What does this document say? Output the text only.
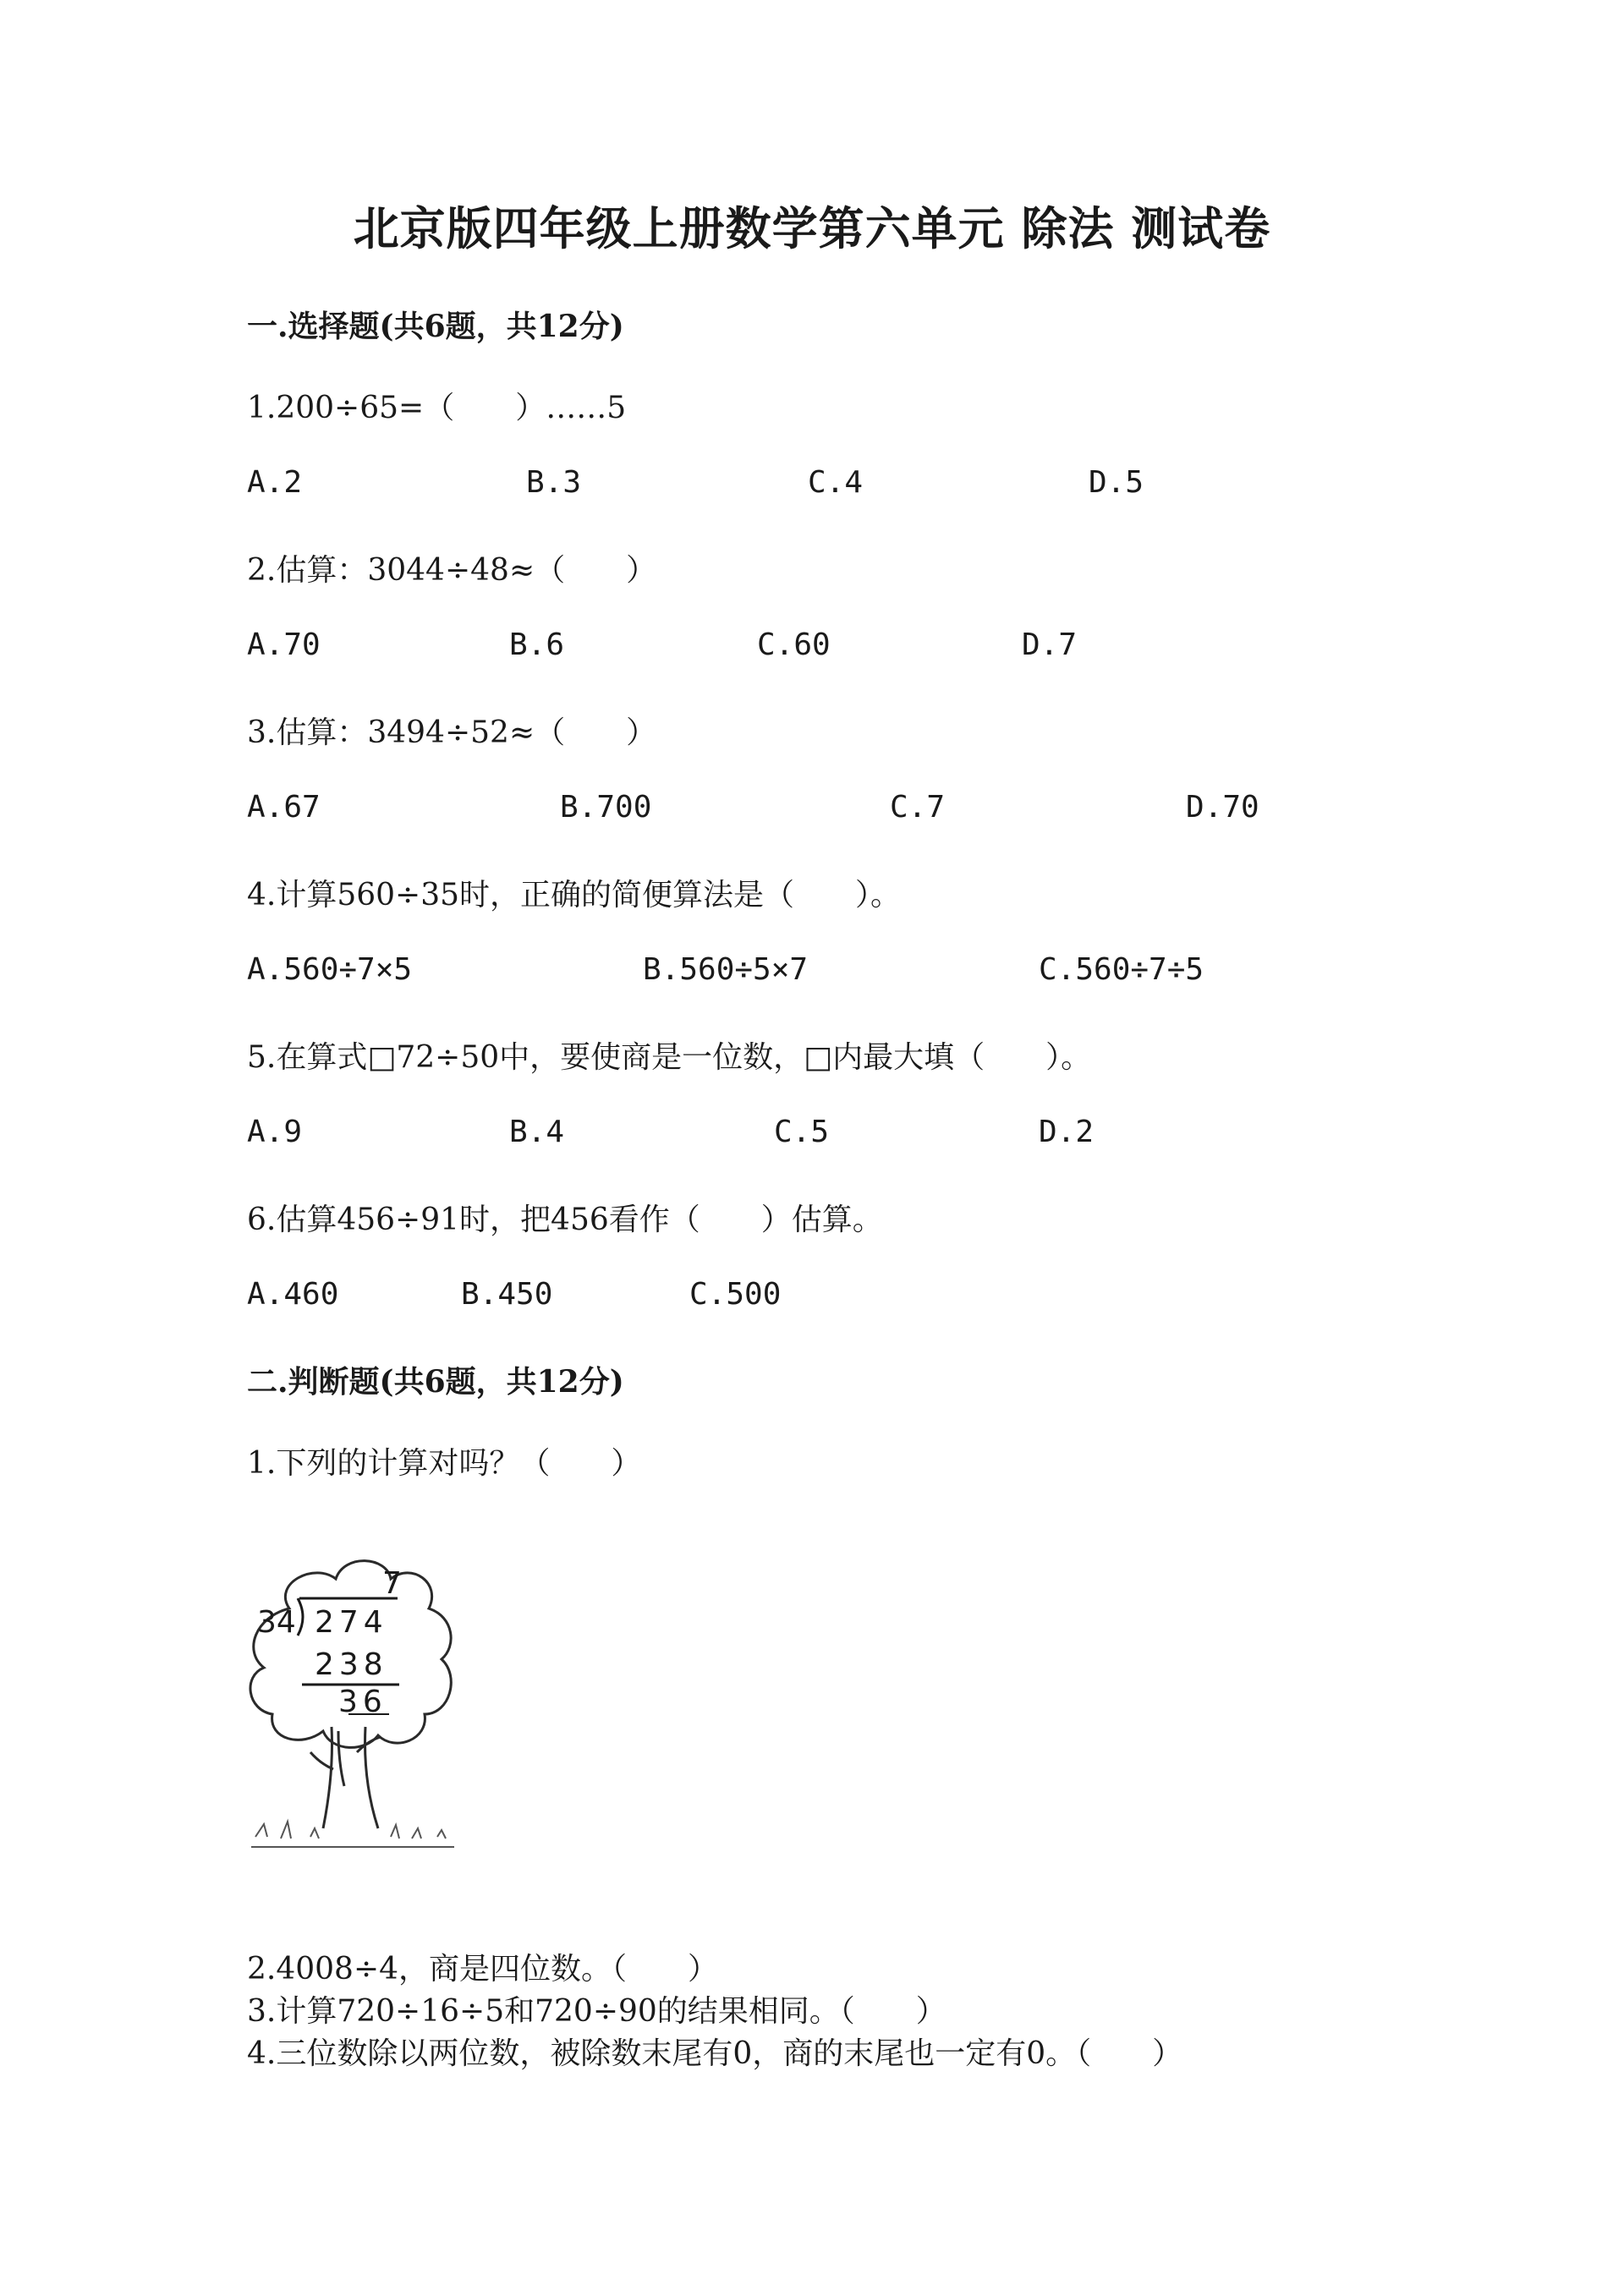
北京版四年级上册数学第六单元 除法 测试卷
一.选择题(共6题，共12分)
1.200÷65=（　　）……5
A.2	B.3	C.4	D.5
2.估算：3044÷48≈（　　）
A.70	B.6	C.60	D.7
3.估算：3494÷52≈（　　）
A.67	B.700	C.7	D.70
4.计算560÷35时，正确的简便算法是（　　）。
A.560÷7×5	B.560÷5×7	C.560÷7÷5
5.在算式□72÷50中，要使商是一位数，□内最大填（　　）。
A.9	B.4	C.5	D.2
6.估算456÷91时，把456看作（　　）估算。
A.460	B.450	C.500
二.判断题(共6题，共12分)
1.下列的计算对吗？（　　）
7
34 274
238
36
2.4008÷4，商是四位数。（　　）
3.计算720÷16÷5和720÷90的结果相同。（　　）
4.三位数除以两位数，被除数末尾有0，商的末尾也一定有0。（　　）
